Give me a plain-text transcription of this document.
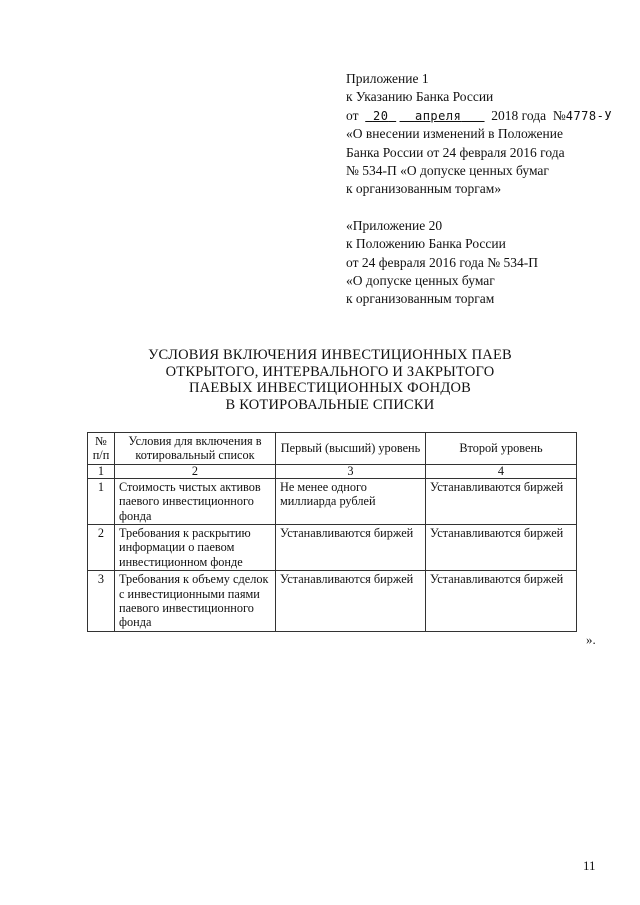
Приложение 1
к Указанию Банка России
от 20 апреля 2018 года №4778-У
«О внесении изменений в Положение
Банка России от 24 февраля 2016 года
№ 534-П «О допуске ценных бумаг
к организованным торгам»
«Приложение 20
к Положению Банка России
от 24 февраля 2016 года № 534-П
«О допуске ценных бумаг
к организованным торгам
УСЛОВИЯ ВКЛЮЧЕНИЯ ИНВЕСТИЦИОННЫХ ПАЕВ
ОТКРЫТОГО, ИНТЕРВАЛЬНОГО И ЗАКРЫТОГО
ПАЕВЫХ ИНВЕСТИЦИОННЫХ ФОНДОВ
В КОТИРОВАЛЬНЫЕ СПИСКИ
№ п/п	Условия для включения в котировальный список	Первый (высший) уровень	Второй уровень
1	2	3	4
1	Стоимость чистых активов паевого инвестиционного фонда	Не менее одного миллиарда рублей	Устанавливаются биржей
2	Требования к раскрытию информации о паевом инвестиционном фонде	Устанавливаются биржей	Устанавливаются биржей
3	Требования к объему сделок с инвестиционными паями паевого инвестиционного фонда	Устанавливаются биржей	Устанавливаются биржей
».
11
